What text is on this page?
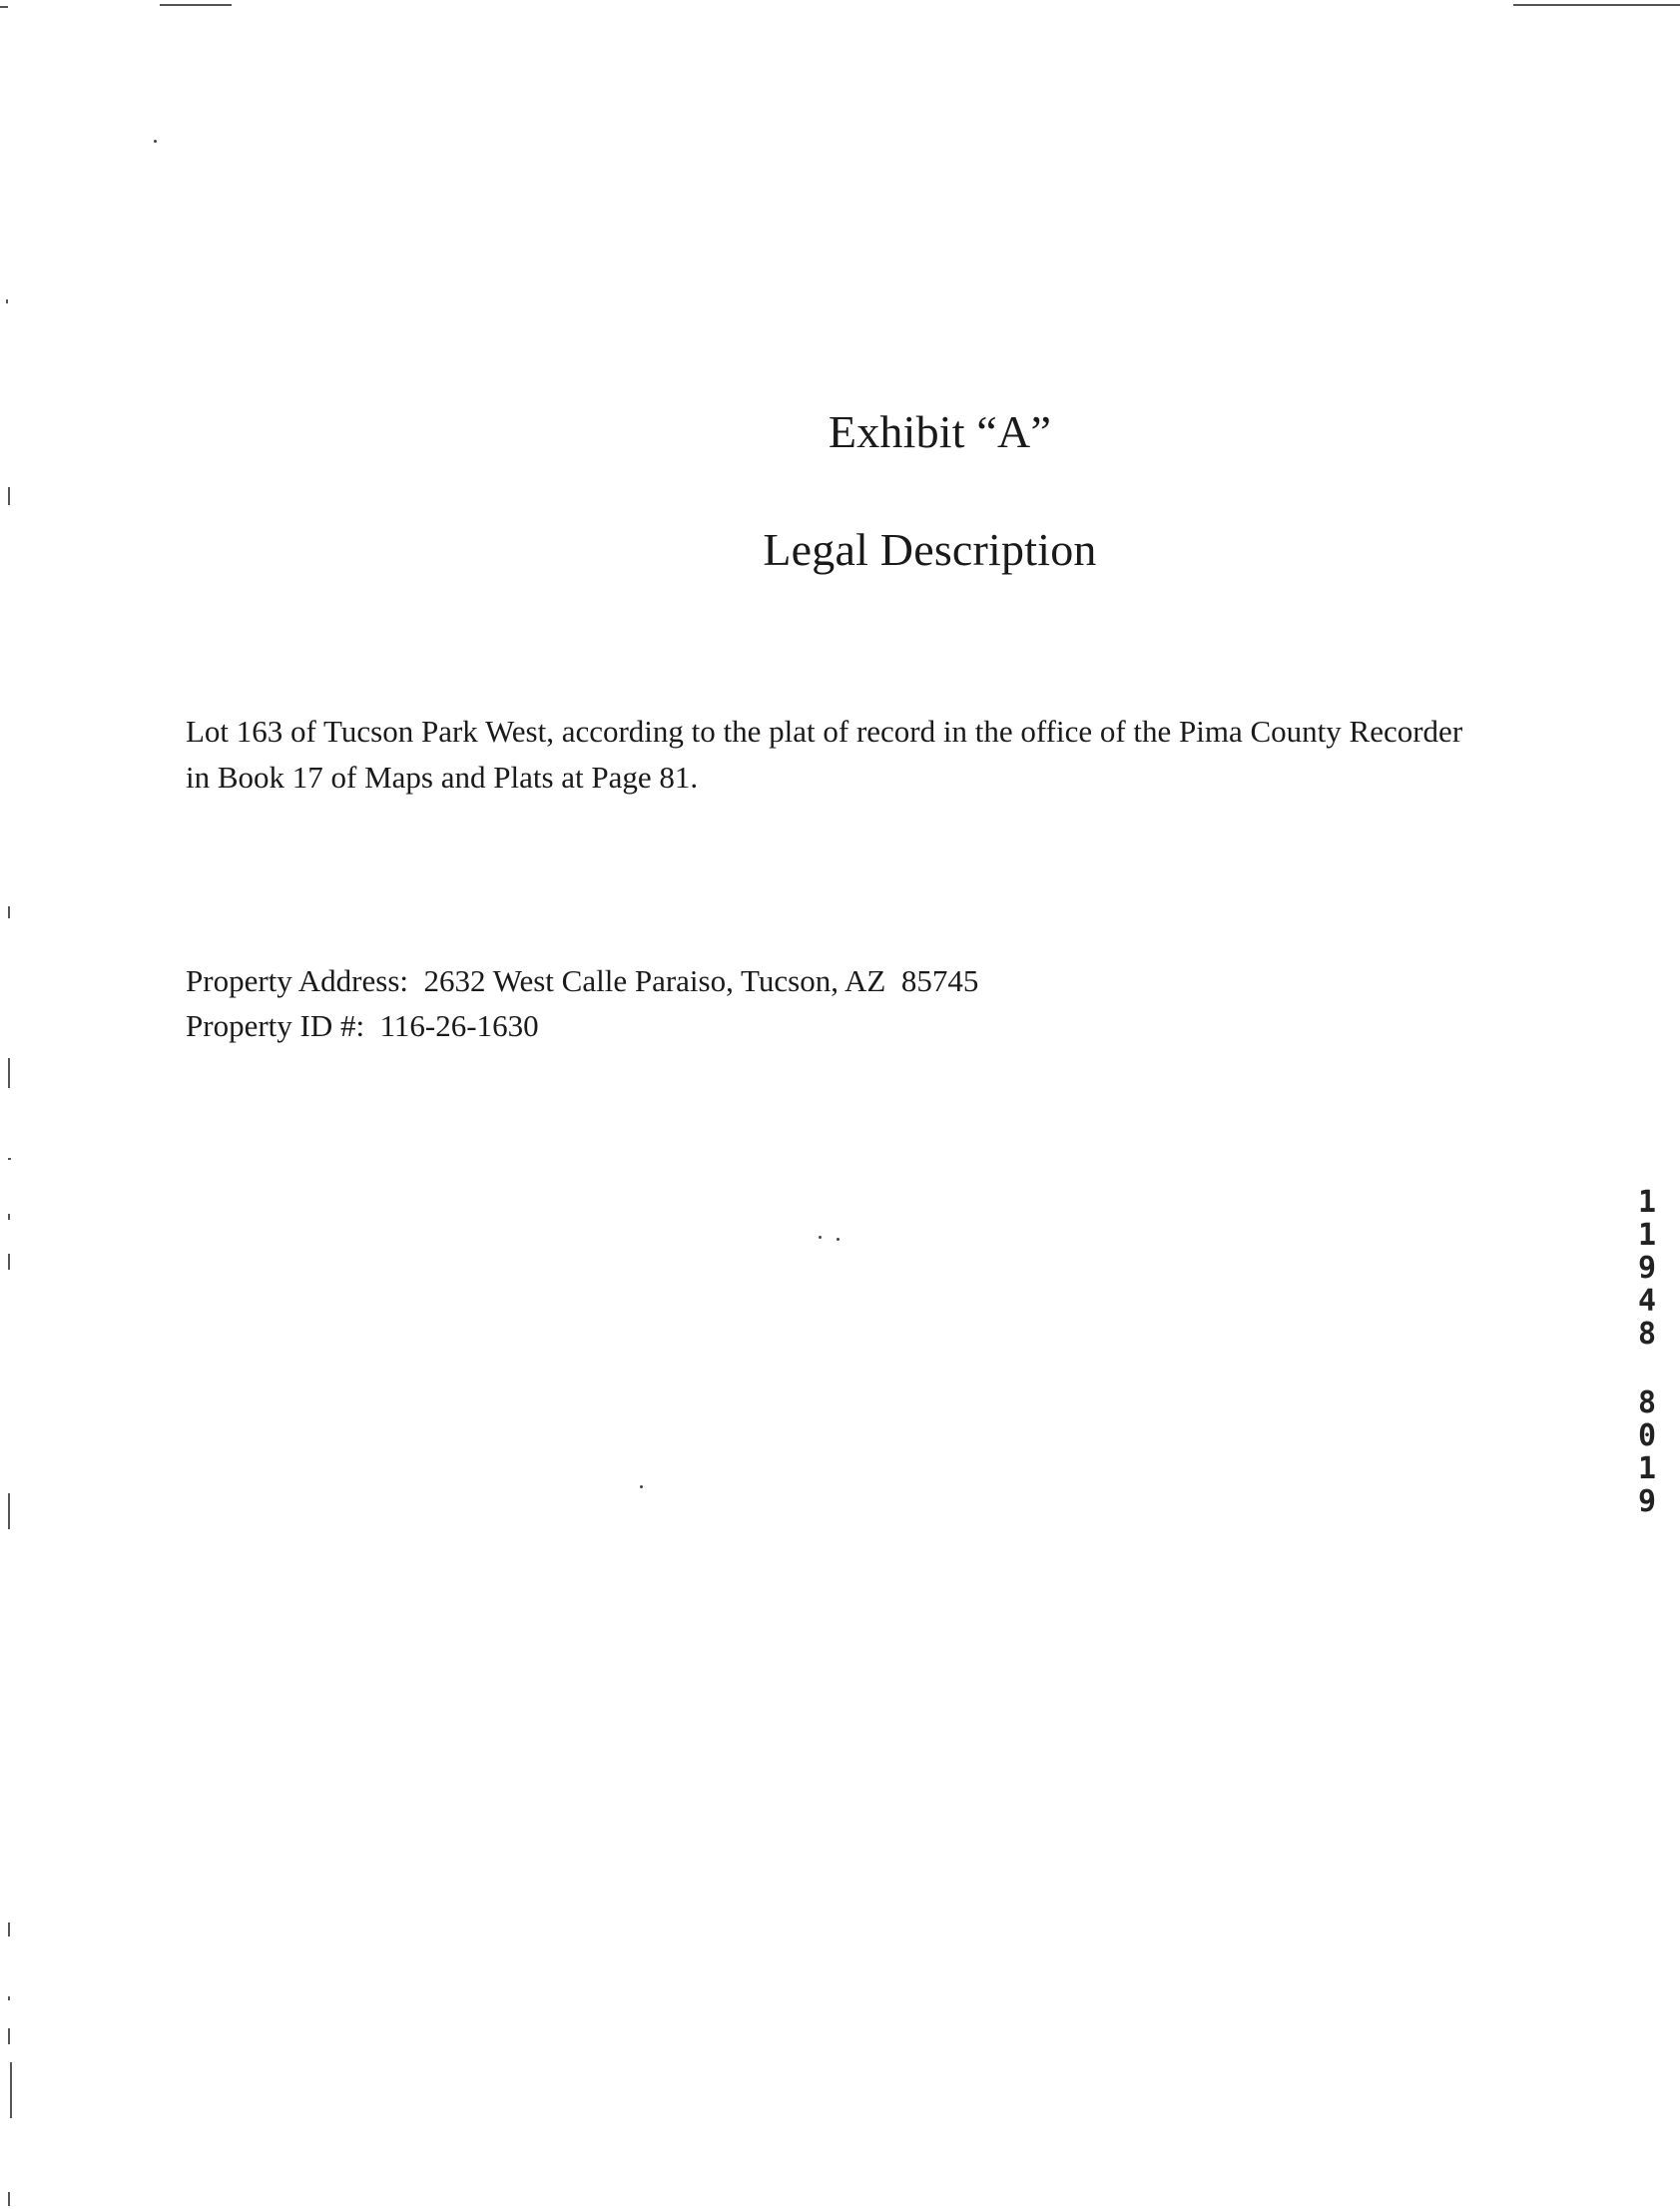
Exhibit “A”
Legal Description

Lot 163 of Tucson Park West, according to the plat of record in the office of the Pima County Recorder in Book 17 of Maps and Plats at Page 81.

Property Address:  2632 West Calle Paraiso, Tucson, AZ  85745
Property ID #:  116-26-1630
1
1
9
4
8
8
0
1
9
